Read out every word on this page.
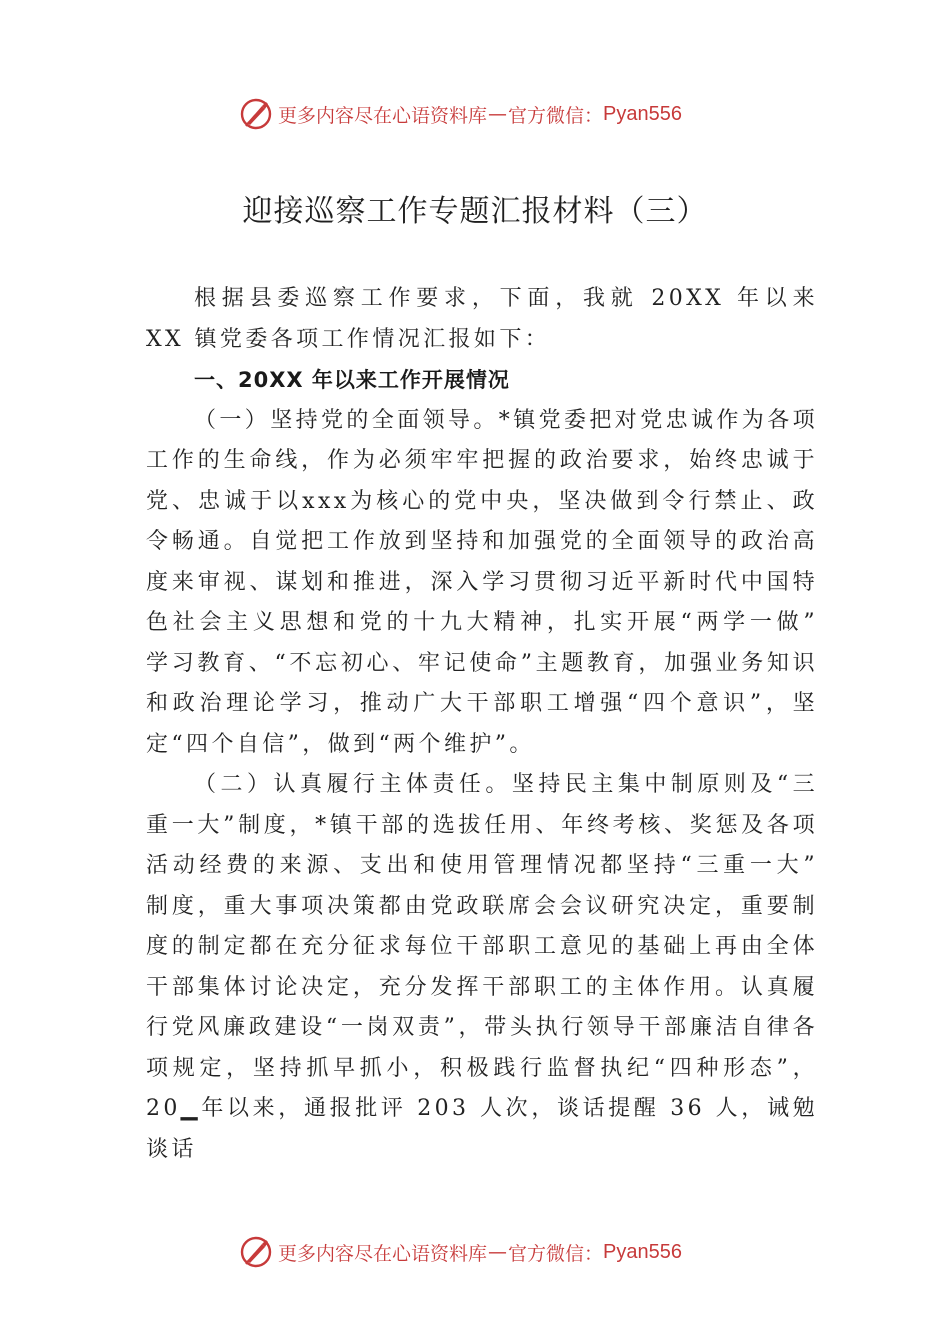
更多内容尽在心语资料库 — 官方微信： Pyan556
迎接巡察工作专题汇报材料（三）

根据县委巡察工作要求，下面，我就 20XX 年以来 XX 镇党委各项工作情况汇报如下：

一、20XX 年以来工作开展情况

（一）坚持党的全面领导。*镇党委把对党忠诚作为各项工作的生命线，作为必须牢牢把握的政治要求，始终忠诚于党、忠诚于以xxx为核心的党中央，坚决做到令行禁止、政令畅通。自觉把工作放到坚持和加强党的全面领导的政治高度来审视、谋划和推进，深入学习贯彻习近平新时代中国特色社会主义思想和党的十九大精神，扎实开展“两学一做” 学习教育、“不忘初心、牢记使命”主题教育，加强业务知识和政治理论学习，推动广大干部职工增强“四个意识”，坚定“四个自信”，做到“两个维护”。

（二）认真履行主体责任。坚持民主集中制原则及“三重一大”制度，*镇干部的选拔任用、年终考核、奖惩及各项活动经费的来源、支出和使用管理情况都坚持“三重一大” 制度，重大事项决策都由党政联席会会议研究决定，重要制度的制定都在充分征求每位干部职工意见的基础上再由全体干部集体讨论决定，充分发挥干部职工的主体作用。认真履行党风廉政建设“一岗双责”，带头执行领导干部廉洁自律各项规定，坚持抓早抓小，积极践行监督执纪“四种形态”， 20▁年以来，通报批评 203 人次，谈话提醒 36 人，诫勉谈话

更多内容尽在心语资料库 — 官方微信： Pyan556
